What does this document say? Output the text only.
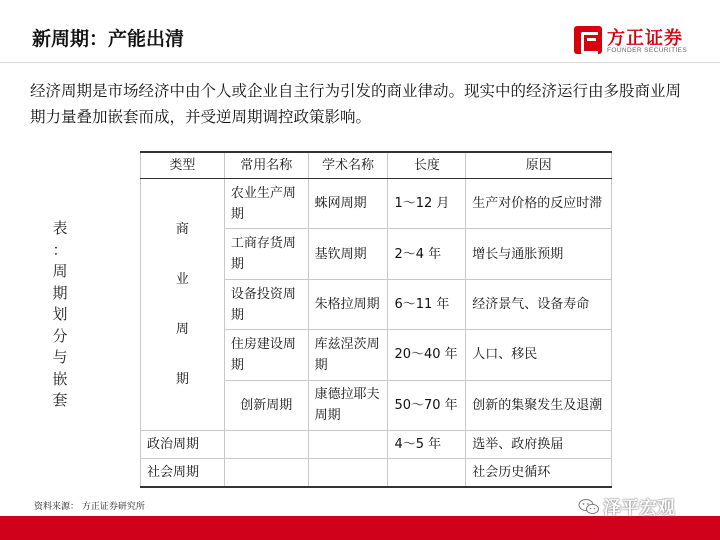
新周期：产能出清	方正证券
FOUNDER SECURITIES
经济周期是市场经济中由个人或企业自主行为引发的商业律动。现实中的经济运行由多股商业周期力量叠加嵌套而成，并受逆周期调控政策影响。
表
：
周
期
划
分
与
嵌
套
类型	常用名称	学术名称	长度	原因

商
业
周
期	农业生产周期	蛛网周期	1～12 月	生产对价格的反应时滞
	工商存货周期	基钦周期	2～4 年	增长与通胀预期
	设备投资周期	朱格拉周期	6～11 年	经济景气、设备寿命
	住房建设周期	库兹涅茨周期	20～40 年	人口、移民
	创新周期	康德拉耶夫周期	50～70 年	创新的集聚发生及退潮
政治周期			4～5 年	选举、政府换届
社会周期				社会历史循环
资料来源： 方正证券研究所	泽平宏观
